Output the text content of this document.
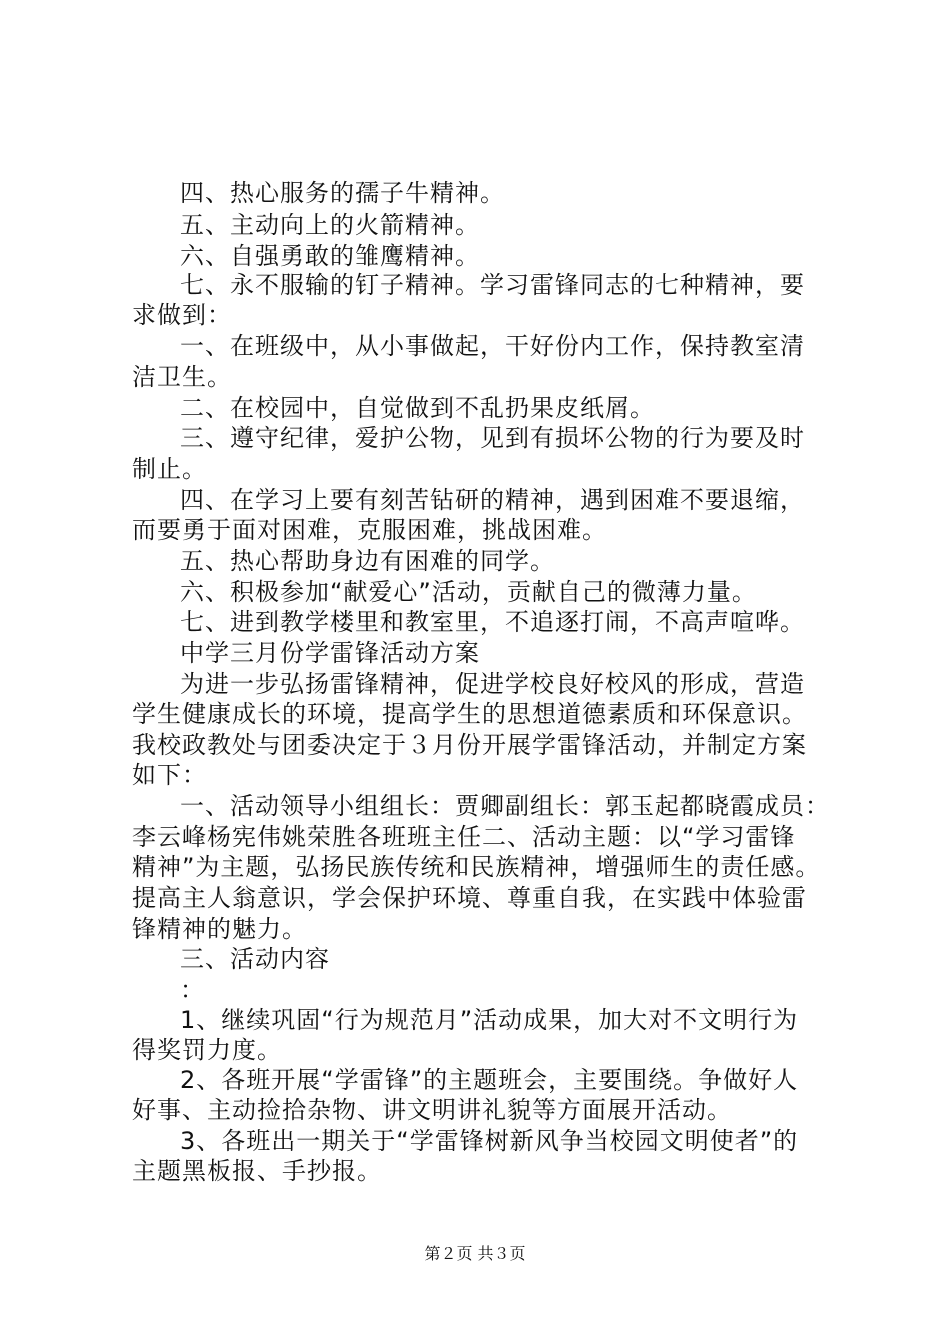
四、热心服务的孺子牛精神。
五、主动向上的火箭精神。
六、自强勇敢的雏鹰精神。
七、永不服输的钉子精神。学习雷锋同志的七种精神，要
求做到：
一、在班级中，从小事做起，干好份内工作，保持教室清
洁卫生。
二、在校园中，自觉做到不乱扔果皮纸屑。
三、遵守纪律，爱护公物，见到有损坏公物的行为要及时
制止。
四、在学习上要有刻苦钻研的精神，遇到困难不要退缩，
而要勇于面对困难，克服困难，挑战困难。
五、热心帮助身边有困难的同学。
六、积极参加“献爱心”活动，贡献自己的微薄力量。
七、进到教学楼里和教室里，不追逐打闹，不高声喧哗。
中学三月份学雷锋活动方案
为进一步弘扬雷锋精神，促进学校良好校风的形成，营造
学生健康成长的环境，提高学生的思想道德素质和环保意识。
我校政教处与团委决定于３月份开展学雷锋活动，并制定方案
如下：
一、活动领导小组组长：贾卿副组长：郭玉起都晓霞成员：
李云峰杨宪伟姚荣胜各班班主任二、活动主题：以“学习雷锋
精神”为主题，弘扬民族传统和民族精神，增强师生的责任感。
提高主人翁意识，学会保护环境、尊重自我，在实践中体验雷
锋精神的魅力。
三、活动内容
：
1、继续巩固“行为规范月”活动成果，加大对不文明行为
得奖罚力度。
2、各班开展“学雷锋”的主题班会，主要围绕。争做好人
好事、主动捡拾杂物、讲文明讲礼貌等方面展开活动。
3、各班出一期关于“学雷锋树新风争当校园文明使者”的
主题黑板报、手抄报。
第２页 共３页
